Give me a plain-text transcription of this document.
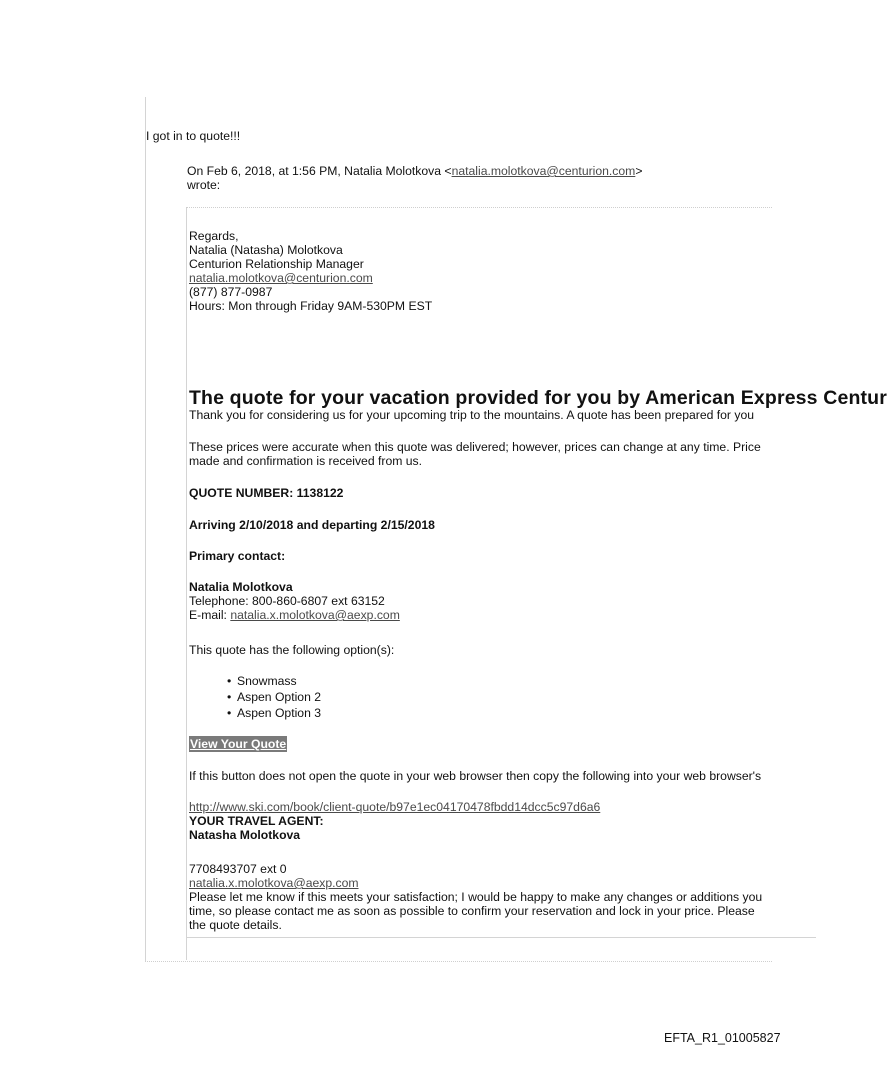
I got in to quote!!!
On Feb 6, 2018, at 1:56 PM, Natalia Molotkova <natalia.molotkova@centurion.com>
wrote:
Regards,
Natalia (Natasha) Molotkova
Centurion Relationship Manager
natalia.molotkova@centurion.com
(877) 877-0987
Hours: Mon through Friday 9AM-530PM EST
The quote for your vacation provided for you by American Express Centur
Thank you for considering us for your upcoming trip to the mountains. A quote has been prepared for you
These prices were accurate when this quote was delivered; however, prices can change at any time. Price
made and confirmation is received from us.
QUOTE NUMBER: 1138122
Arriving 2/10/2018 and departing 2/15/2018
Primary contact:
Natalia Molotkova
Telephone: 800-860-6807 ext 63152
E-mail: natalia.x.molotkova@aexp.com
This quote has the following option(s):
• Snowmass
• Aspen Option 2
• Aspen Option 3
View Your Quote
If this button does not open the quote in your web browser then copy the following into your web browser's
http://www.ski.com/book/client-quote/b97e1ec04170478fbdd14dcc5c97d6a6
YOUR TRAVEL AGENT:
Natasha Molotkova
7708493707 ext 0
natalia.x.molotkova@aexp.com
Please let me know if this meets your satisfaction; I would be happy to make any changes or additions you
time, so please contact me as soon as possible to confirm your reservation and lock in your price. Please
the quote details.
EFTA_R1_01005827
